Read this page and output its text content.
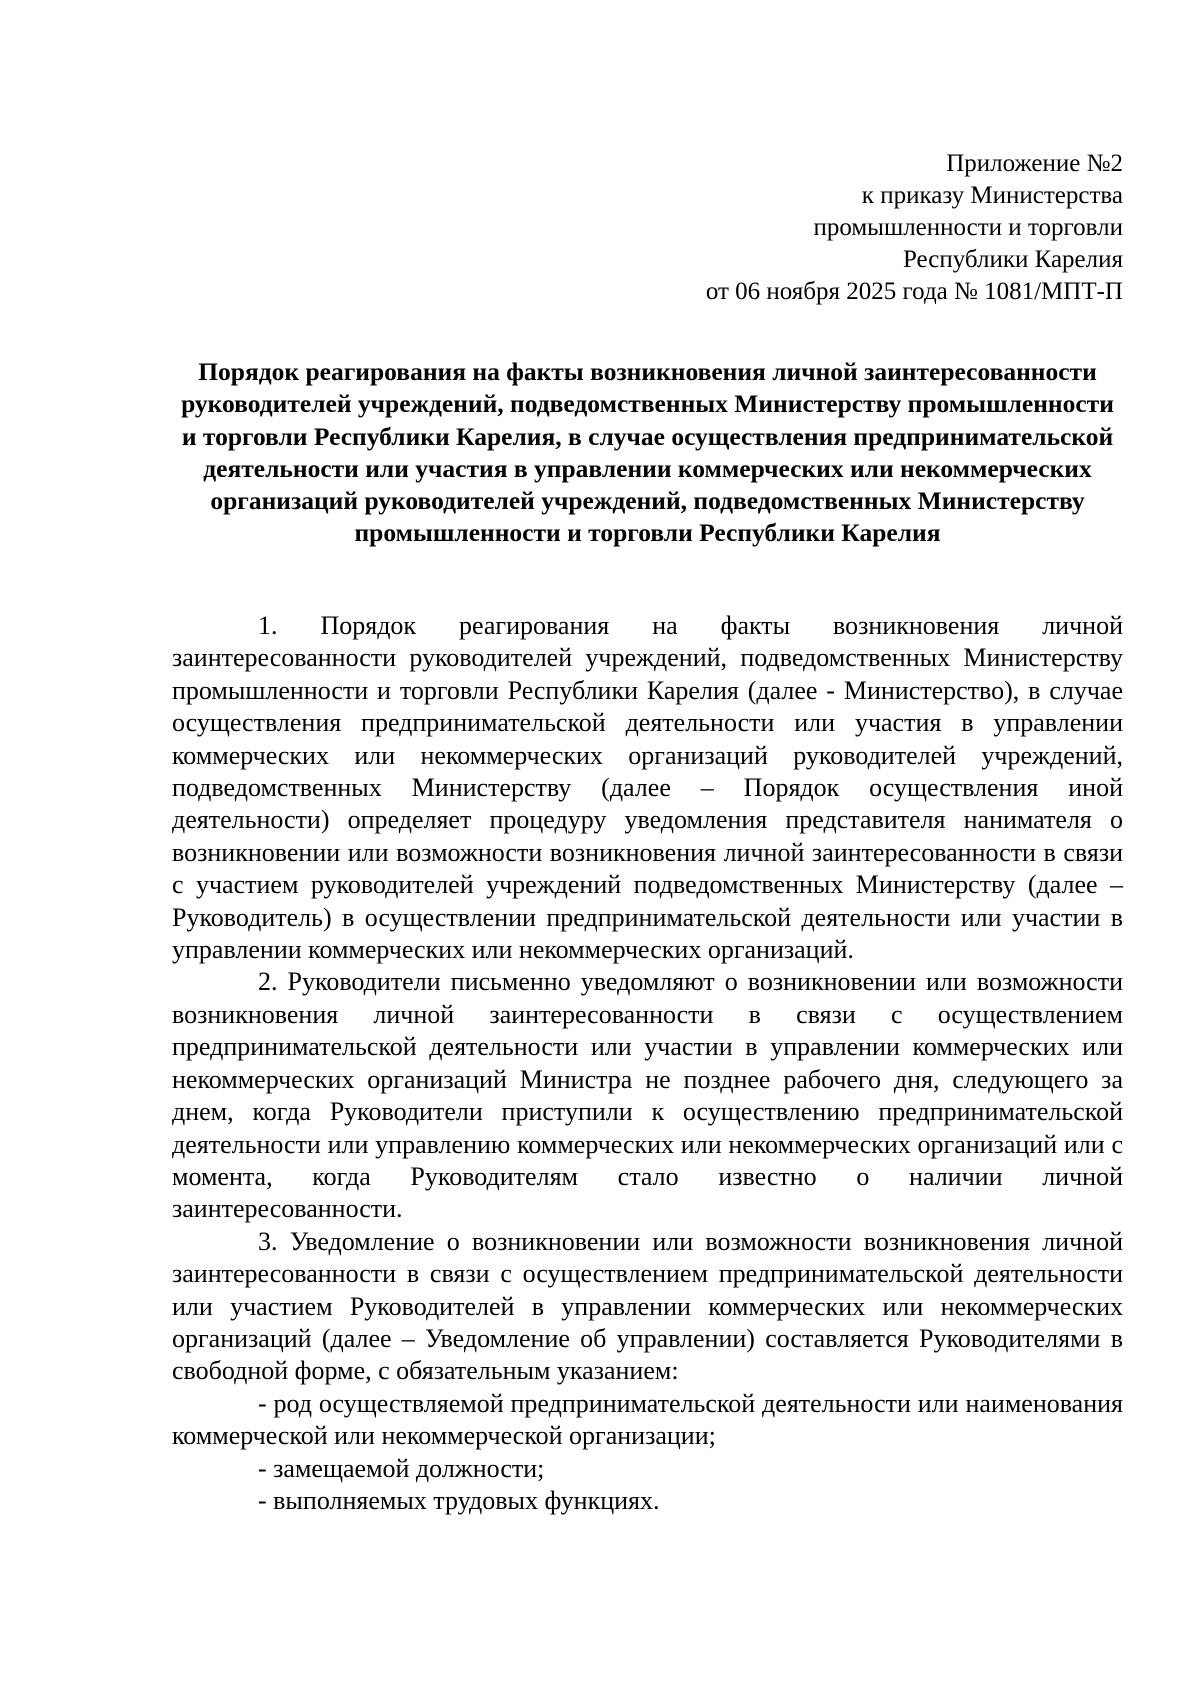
Приложение №2
к приказу Министерства
промышленности и торговли
Республики Карелия
от 06 ноября 2025 года № 1081/МПТ-П
Порядок реагирования на факты возникновения личной заинтересованности руководителей учреждений, подведомственных Министерству промышленности и торговли Республики Карелия, в случае осуществления предпринимательской деятельности или участия в управлении коммерческих или некоммерческих организаций руководителей учреждений, подведомственных Министерству промышленности и торговли Республики Карелия

1. Порядок реагирования на факты возникновения личной заинтересованности руководителей учреждений, подведомственных Министерству промышленности и торговли Республики Карелия (далее - Министерство), в случае осуществления предпринимательской деятельности или участия в управлении коммерческих или некоммерческих организаций руководителей учреждений, подведомственных Министерству (далее – Порядок осуществления иной деятельности) определяет процедуру уведомления представителя нанимателя о возникновении или возможности возникновения личной заинтересованности в связи с участием руководителей учреждений подведомственных Министерству (далее – Руководитель) в осуществлении предпринимательской деятельности или участии в управлении коммерческих или некоммерческих организаций.

2. Руководители письменно уведомляют о возникновении или возможности возникновения личной заинтересованности в связи с осуществлением предпринимательской деятельности или участии в управлении коммерческих или некоммерческих организаций Министра не позднее рабочего дня, следующего за днем, когда Руководители приступили к осуществлению предпринимательской деятельности или управлению коммерческих или некоммерческих организаций или с момента, когда Руководителям стало известно о наличии личной заинтересованности.

3. Уведомление о возникновении или возможности возникновения личной заинтересованности в связи с осуществлением предпринимательской деятельности или участием Руководителей в управлении коммерческих или некоммерческих организаций (далее – Уведомление об управлении) составляется Руководителями в свободной форме, с обязательным указанием:

- род осуществляемой предпринимательской деятельности или наименования коммерческой или некоммерческой организации;

- замещаемой должности;

- выполняемых трудовых функциях.
